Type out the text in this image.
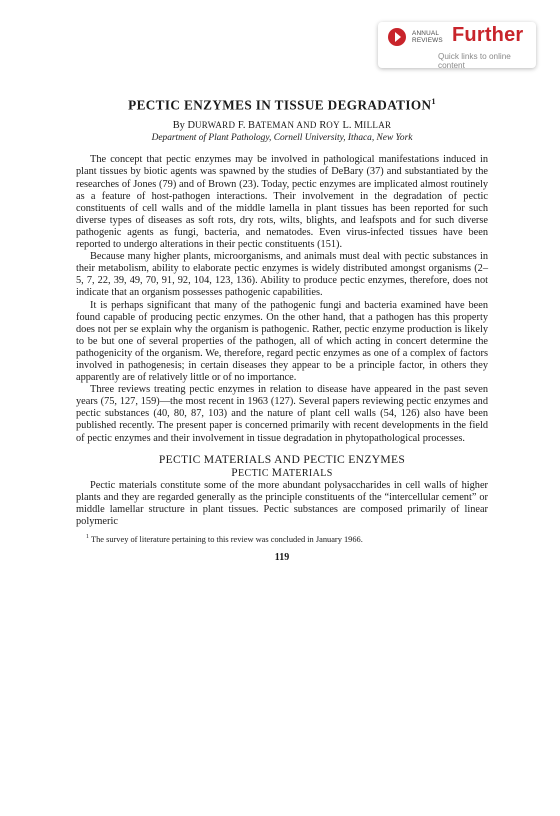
ANNUAL
REVIEWS Further
Quick links to online content
PECTIC ENZYMES IN TISSUE DEGRADATION$^1$
By DURWARD F. BATEMAN AND ROY L. MILLAR
Department of Plant Pathology, Cornell University, Ithaca, New York

The concept that pectic enzymes may be involved in pathological manifestations induced in plant tissues by biotic agents was spawned by the studies of DeBary (37) and substantiated by the researches of Jones (79) and of Brown (23). Today, pectic enzymes are implicated almost routinely as a feature of host-pathogen interactions. Their involvement in the degradation of pectic constituents of cell walls and of the middle lamella in plant tissues has been reported for such diverse types of diseases as soft rots, dry rots, wilts, blights, and leafspots and for such diverse pathogenic agents as fungi, bacteria, and nematodes. Even virus-infected tissues have been reported to undergo alterations in their pectic constituents (151).

Because many higher plants, microorganisms, and animals must deal with pectic substances in their metabolism, ability to elaborate pectic enzymes is widely distributed amongst organisms (2–5, 7, 22, 39, 49, 70, 91, 92, 104, 123, 136). Ability to produce pectic enzymes, therefore, does not indicate that an organism possesses pathogenic capabilities.

It is perhaps significant that many of the pathogenic fungi and bacteria examined have been found capable of producing pectic enzymes. On the other hand, that a pathogen has this property does not per se explain why the organism is pathogenic. Rather, pectic enzyme production is likely to be but one of several properties of the pathogen, all of which acting in concert determine the pathogenicity of the organism. We, therefore, regard pectic enzymes as one of a complex of factors involved in pathogenesis; in certain diseases they appear to be a principle factor, in others they apparently are of relatively little or of no importance.

Three reviews treating pectic enzymes in relation to disease have appeared in the past seven years (75, 127, 159)—the most recent in 1963 (127). Several papers reviewing pectic enzymes and pectic substances (40, 80, 87, 103) and the nature of plant cell walls (54, 126) also have been published recently. The present paper is concerned primarily with recent developments in the field of pectic enzymes and their involvement in tissue degradation in phytopathological processes.

PECTIC MATERIALS AND PECTIC ENZYMES
PECTIC MATERIALS

Pectic materials constitute some of the more abundant polysaccharides in cell walls of higher plants and they are regarded generally as the principle constituents of the “intercellular cement” or middle lamellar structure in plant tissues. Pectic substances are composed primarily of linear polymeric

$^1$ The survey of literature pertaining to this review was concluded in January 1966.
119
